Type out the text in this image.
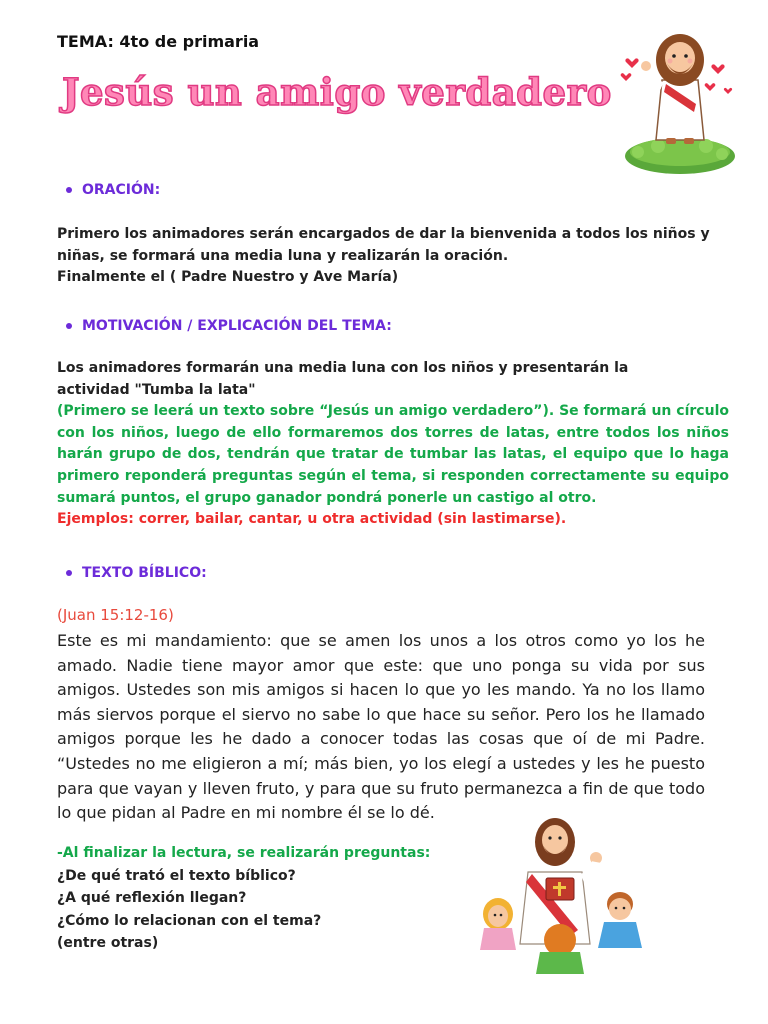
TEMA: 4to de primaria
Jesús un amigo verdadero
ORACIÓN:
Primero los animadores serán encargados de dar la bienvenida a todos los niños y
niñas, se formará una media luna y realizarán la oración.
Finalmente el ( Padre Nuestro y Ave María)
MOTIVACIÓN / EXPLICACIÓN DEL TEMA:
Los animadores formarán una media luna con los niños y presentarán la
actividad "Tumba la lata"
(Primero se leerá un texto sobre “Jesús un amigo verdadero”). Se formará un círculo con los niños, luego de ello formaremos dos torres de latas, entre todos los niños harán grupo de dos, tendrán que tratar de tumbar las latas, el equipo que lo haga primero reponderá preguntas según el tema, si responden correctamente su equipo sumará puntos, el grupo ganador pondrá ponerle un castigo al otro.
Ejemplos: correr, bailar, cantar, u otra actividad (sin lastimarse).
TEXTO BÍBLICO:
(Juan 15:12-16)
Este es mi mandamiento: que se amen los unos a los otros como yo los he amado. Nadie tiene mayor amor que este: que uno ponga su vida por sus amigos. Ustedes son mis amigos si hacen lo que yo les mando. Ya no los llamo más siervos porque el siervo no sabe lo que hace su señor. Pero los he llamado amigos porque les he dado a conocer todas las cosas que oí de mi Padre. “Ustedes no me eligieron a mí; más bien, yo los elegí a ustedes y les he puesto para que vayan y lleven fruto, y para que su fruto permanezca a fin de que todo lo que pidan al Padre en mi nombre él se lo dé.
-Al finalizar la lectura, se realizarán preguntas:
¿De qué trató el texto bíblico?
¿A qué reflexión llegan?
¿Cómo lo relacionan con el tema?
(entre otras)
